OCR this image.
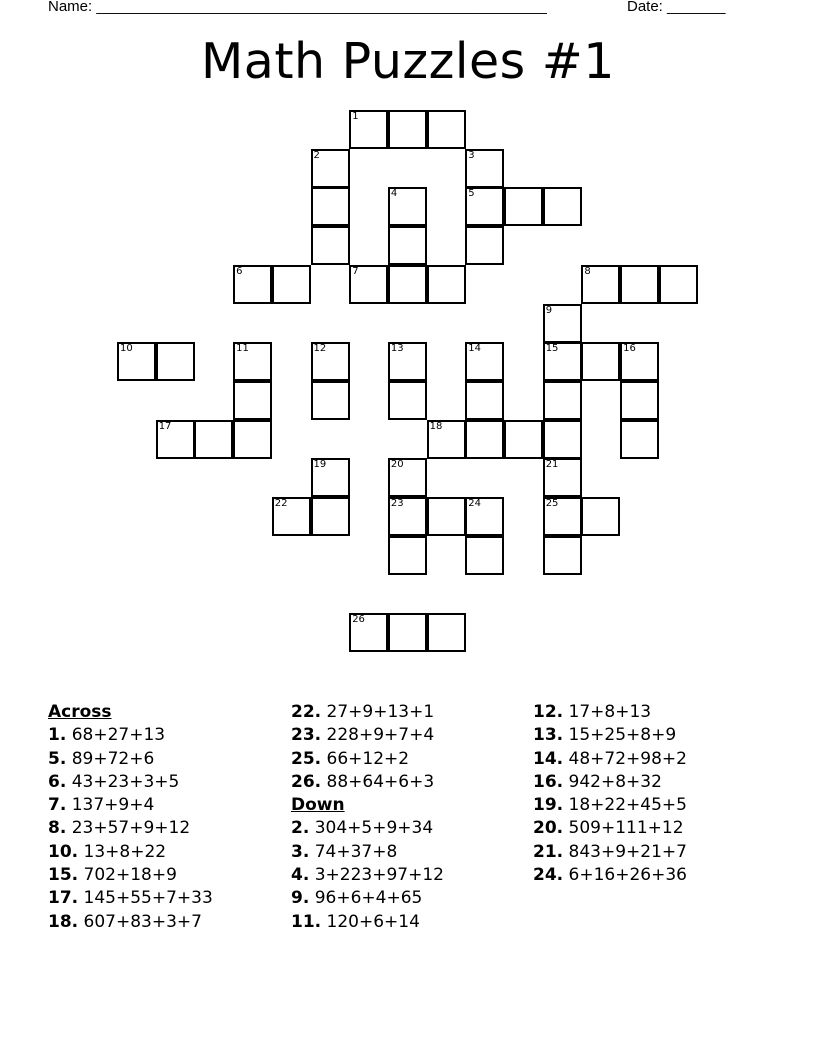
Name: ______________________________________________________	Date: _______
Math Puzzles #1
1
2	3
4	5
6	7	8
9
10	11	12	13	14	15	16
17	18
19	20	21
22	23	24	25
26
Across
1. 68+27+13
5. 89+72+6
6. 43+23+3+5
7. 137+9+4
8. 23+57+9+12
10. 13+8+22
15. 702+18+9
17. 145+55+7+33
18. 607+83+3+7
22. 27+9+13+1
23. 228+9+7+4
25. 66+12+2
26. 88+64+6+3
Down
2. 304+5+9+34
3. 74+37+8
4. 3+223+97+12
9. 96+6+4+65
11. 120+6+14
12. 17+8+13
13. 15+25+8+9
14. 48+72+98+2
16. 942+8+32
19. 18+22+45+5
20. 509+111+12
21. 843+9+21+7
24. 6+16+26+36
